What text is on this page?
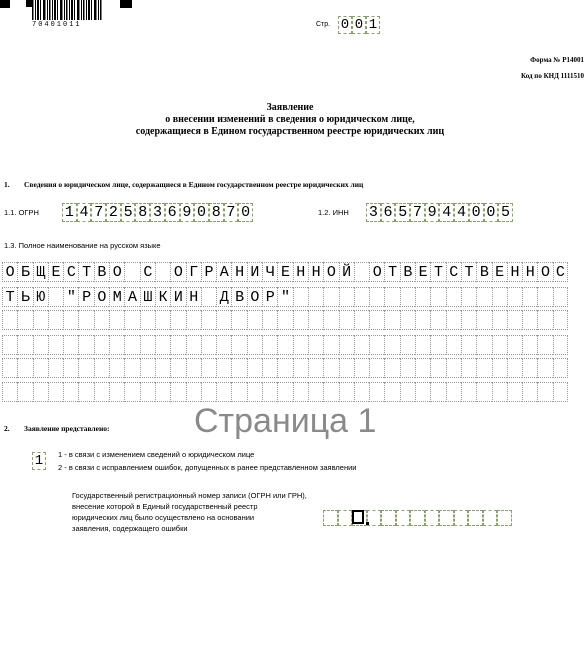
70401011	Стр. 0 0 1
Форма № Р14001
Код по КНД 1111510
Заявление
о внесении изменений в сведения о юридическом лице,
содержащиеся в Едином государственном реестре юридических лиц
1. Сведения о юридическом лице, содержащиеся в Едином государственном реестре юридических лиц
1.1. ОГРН 1 4 7 2 5 8 3 6 9 0 8 7 0	1.2. ИНН 3 6 5 7 9 4 4 0 0 5
1.3. Полное наименование на русском языке
О Б Щ Е С Т В О С О Г Р А Н И Ч Е Н Н О Й О Т В Е Т С Т В Е Н Н О С
Т Ь Ю " Р О М А Ш К И Н Д В О Р "
Страница 1
2. Заявление представлено:
1 1 - в связи с изменением сведений о юридическом лице
2 - в связи с исправлением ошибок, допущенных в ранее представленном заявлении
Государственный регистрационный номер записи (ОГРН или ГРН),
внесение которой в Единый государственный реестр
юридических лиц было осуществлено на основании
заявления, содержащего ошибки
